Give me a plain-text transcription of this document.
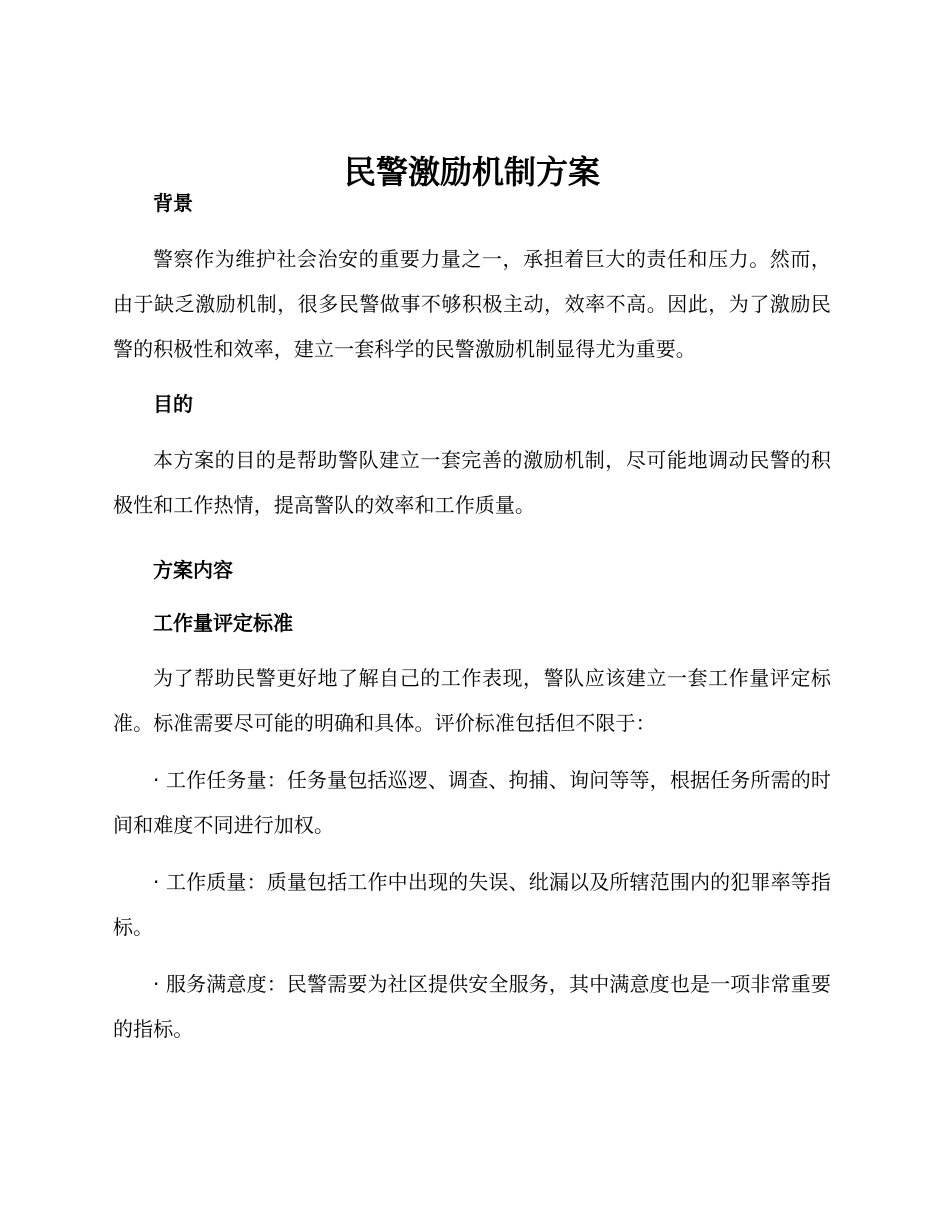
民警激励机制方案

背景

警察作为维护社会治安的重要力量之一，承担着巨大的责任和压力。然而，由于缺乏激励机制，很多民警做事不够积极主动，效率不高。因此，为了激励民警的积极性和效率，建立一套科学的民警激励机制显得尤为重要。

目的

本方案的目的是帮助警队建立一套完善的激励机制，尽可能地调动民警的积极性和工作热情，提高警队的效率和工作质量。

方案内容

工作量评定标准

为了帮助民警更好地了解自己的工作表现，警队应该建立一套工作量评定标准。标准需要尽可能的明确和具体。评价标准包括但不限于：

· 工作任务量：任务量包括巡逻、调查、拘捕、询问等等，根据任务所需的时间和难度不同进行加权。

· 工作质量：质量包括工作中出现的失误、纰漏以及所辖范围内的犯罪率等指标。

· 服务满意度：民警需要为社区提供安全服务，其中满意度也是一项非常重要的指标。
